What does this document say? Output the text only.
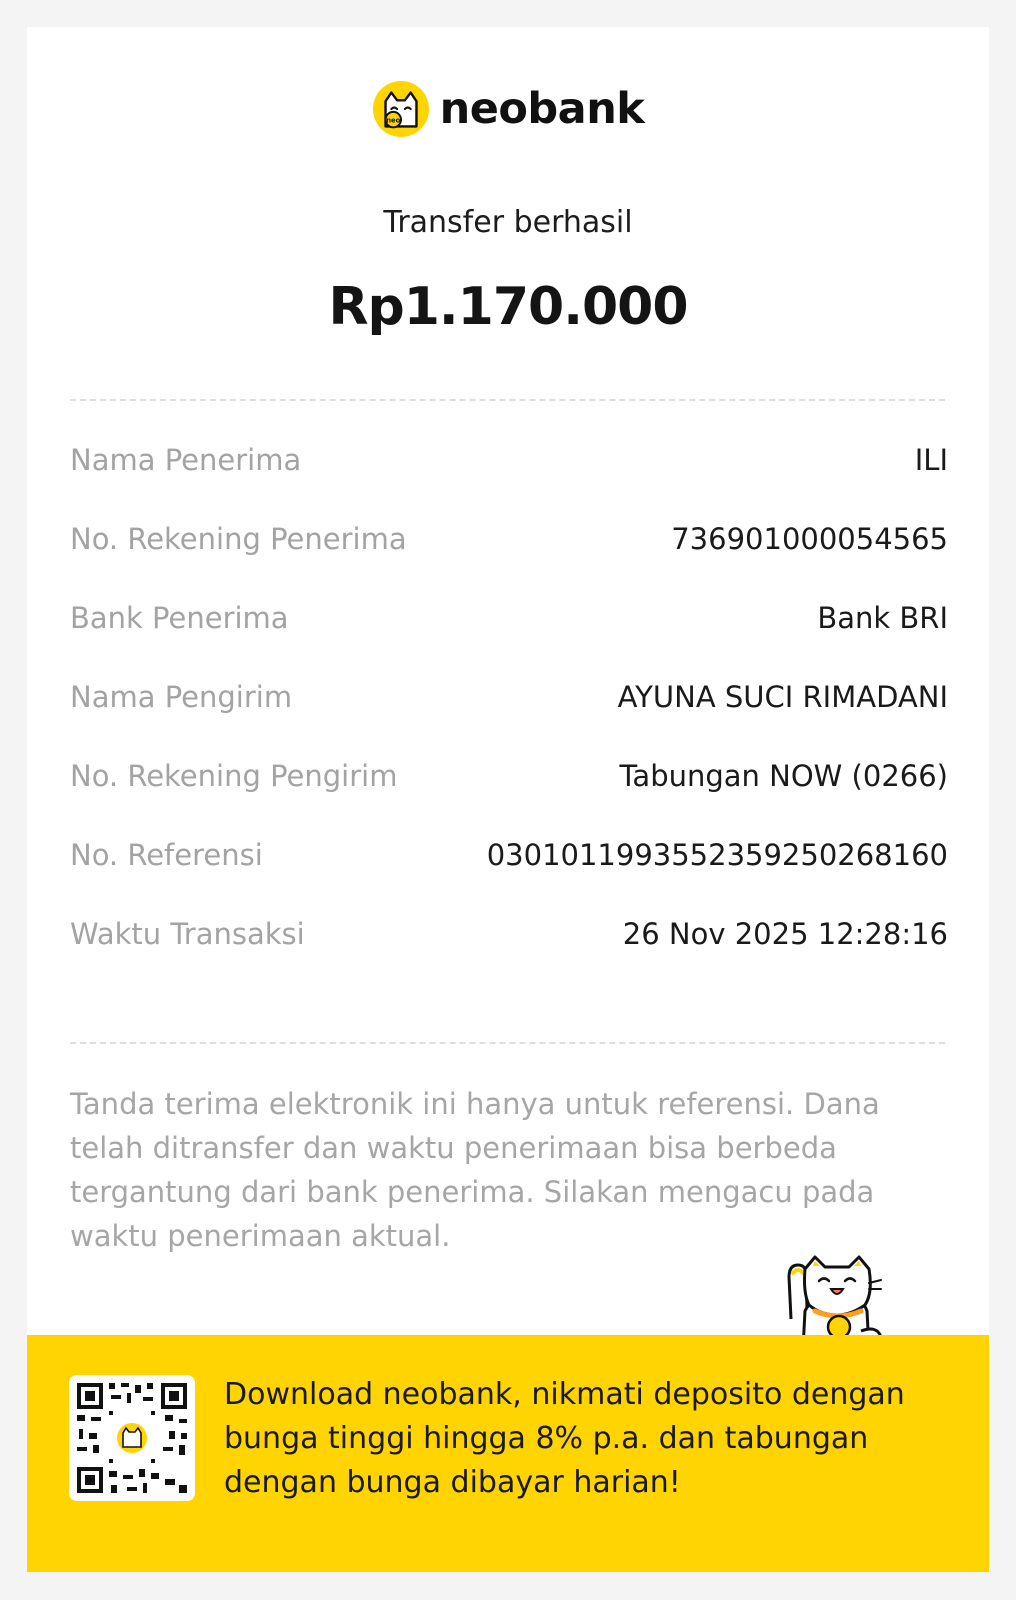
neo neobank
Transfer berhasil
Rp1.170.000
Nama Penerima	ILI
No. Rekening Penerima	736901000054565
Bank Penerima	Bank BRI
Nama Pengirim	AYUNA SUCI RIMADANI
No. Rekening Pengirim	Tabungan NOW (0266)
No. Referensi	0301011993552359250268160
Waktu Transaksi	26 Nov 2025 12:28:16
Tanda terima elektronik ini hanya untuk referensi. Dana telah ditransfer dan waktu penerimaan bisa berbeda tergantung dari bank penerima. Silakan mengacu pada waktu penerimaan aktual.
Download neobank, nikmati deposito dengan bunga tinggi hingga 8% p.a. dan tabungan dengan bunga dibayar harian!
